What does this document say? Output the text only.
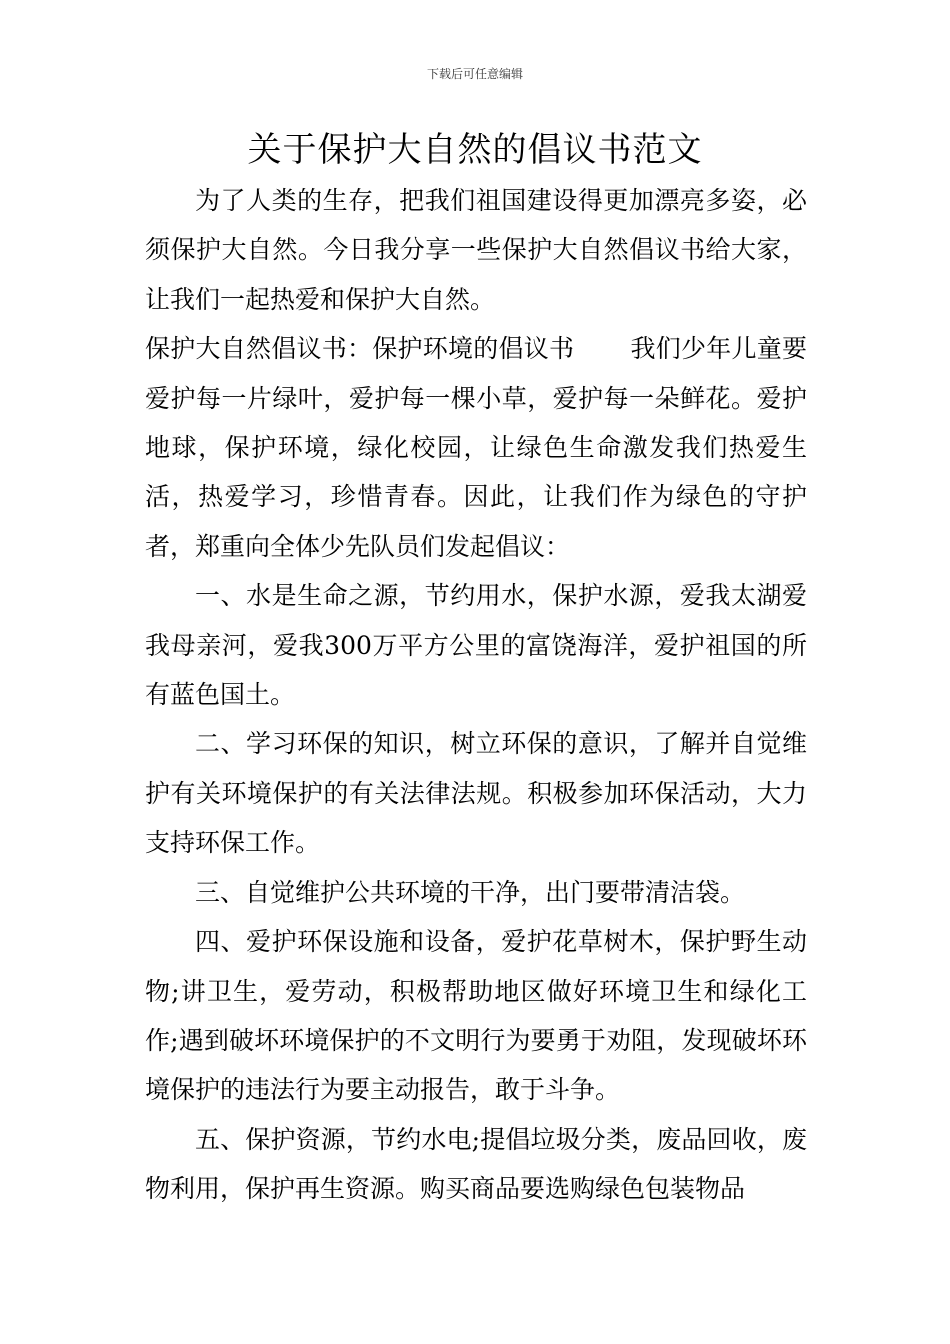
下载后可任意编辑
关于保护大自然的倡议书范文

为了人类的生存，把我们祖国建设得更加漂亮多姿，必须保护大自然。今日我分享一些保护大自然倡议书给大家，让我们一起热爱和保护大自然。

保护大自然倡议书：保护环境的倡议书 我们少年儿童要爱护每一片绿叶，爱护每一棵小草，爱护每一朵鲜花。爱护地球，保护环境，绿化校园，让绿色生命激发我们热爱生活，热爱学习，珍惜青春。因此，让我们作为绿色的守护者，郑重向全体少先队员们发起倡议：

一、水是生命之源，节约用水，保护水源，爱我太湖爱我母亲河，爱我300万平方公里的富饶海洋，爱护祖国的所有蓝色国土。

二、学习环保的知识，树立环保的意识，了解并自觉维护有关环境保护的有关法律法规。积极参加环保活动，大力支持环保工作。

三、自觉维护公共环境的干净，出门要带清洁袋。

四、爱护环保设施和设备，爱护花草树木，保护野生动物;讲卫生，爱劳动，积极帮助地区做好环境卫生和绿化工作;遇到破坏环境保护的不文明行为要勇于劝阻，发现破坏环境保护的违法行为要主动报告，敢于斗争。

五、保护资源，节约水电;提倡垃圾分类，废品回收，废物利用，保护再生资源。购买商品要选购绿色包装物品
